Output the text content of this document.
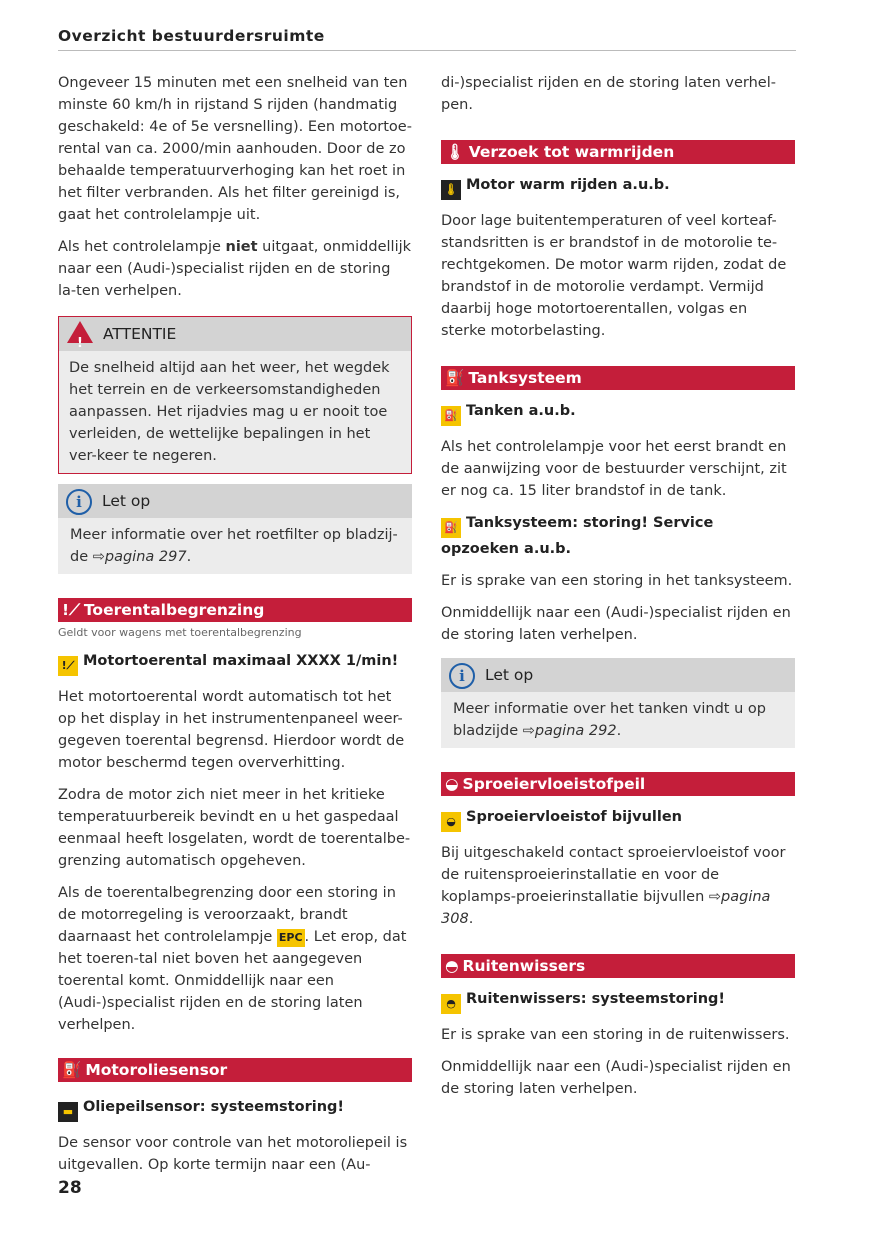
Overzicht bestuurdersruimte

Ongeveer 15 minuten met een snelheid van ten minste 60 km/h in rijstand S rijden (handmatig geschakeld: 4e of 5e versnelling). Een motortoe-rental van ca. 2000/min aanhouden. Door de zo behaalde temperatuurverhoging kan het roet in het filter verbranden. Als het filter gereinigd is, gaat het controlelampje uit.

Als het controlelampje niet uitgaat, onmiddellijk naar een (Audi-)specialist rijden en de storing la-ten verhelpen.

!
ATTENTIE
De snelheid altijd aan het weer, het wegdek het terrein en de verkeersomstandigheden aanpassen. Het rijadvies mag u er nooit toe verleiden, de wettelijke bepalingen in het ver-keer te negeren.
i Let op
Meer informatie over het roetfilter op bladzij-de ⇨pagina 297.
!⟋ Toerentalbegrenzing
Geldt voor wagens met toerentalbegrenzing
!⟋ Motortoerental maximaal XXXX 1/min!

Het motortoerental wordt automatisch tot het op het display in het instrumentenpaneel weer-gegeven toerental begrensd. Hierdoor wordt de motor beschermd tegen oververhitting.

Zodra de motor zich niet meer in het kritieke temperatuurbereik bevindt en u het gaspedaal eenmaal heeft losgelaten, wordt de toerentalbe-grenzing automatisch opgeheven.

Als de toerentalbegrenzing door een storing in de motorregeling is veroorzaakt, brandt daarnaast het controlelampje EPC . Let erop, dat het toeren-tal niet boven het aangegeven toerental komt. Onmiddellijk naar een (Audi-)specialist rijden en de storing laten verhelpen.

⛽ Motoroliesensor
▬ Oliepeilsensor: systeemstoring!

De sensor voor controle van het motoroliepeil is uitgevallen. Op korte termijn naar een (Au-

di-)specialist rijden en de storing laten verhel-pen.

🌡 Verzoek tot warmrijden
🌡 Motor warm rijden a.u.b.

Door lage buitentemperaturen of veel korteaf-standsritten is er brandstof in de motorolie te-rechtgekomen. De motor warm rijden, zodat de brandstof in de motorolie verdampt. Vermijd daarbij hoge motortoerentallen, volgas en sterke motorbelasting.

⛽ Tanksysteem
⛽ Tanken a.u.b.

Als het controlelampje voor het eerst brandt en de aanwijzing voor de bestuurder verschijnt, zit er nog ca. 15 liter brandstof in de tank.

⛽ Tanksysteem: storing! Service opzoeken a.u.b.

Er is sprake van een storing in het tanksysteem.

Onmiddellijk naar een (Audi-)specialist rijden en de storing laten verhelpen.

i Let op
Meer informatie over het tanken vindt u op bladzijde ⇨pagina 292.
◒ Sproeiervloeistofpeil
◒ Sproeiervloeistof bijvullen

Bij uitgeschakeld contact sproeiervloeistof voor de ruitensproeierinstallatie en voor de koplamps-proeierinstallatie bijvullen ⇨pagina 308.

◓ Ruitenwissers
◓ Ruitenwissers: systeemstoring!

Er is sprake van een storing in de ruitenwissers.

Onmiddellijk naar een (Audi-)specialist rijden en de storing laten verhelpen.

28
